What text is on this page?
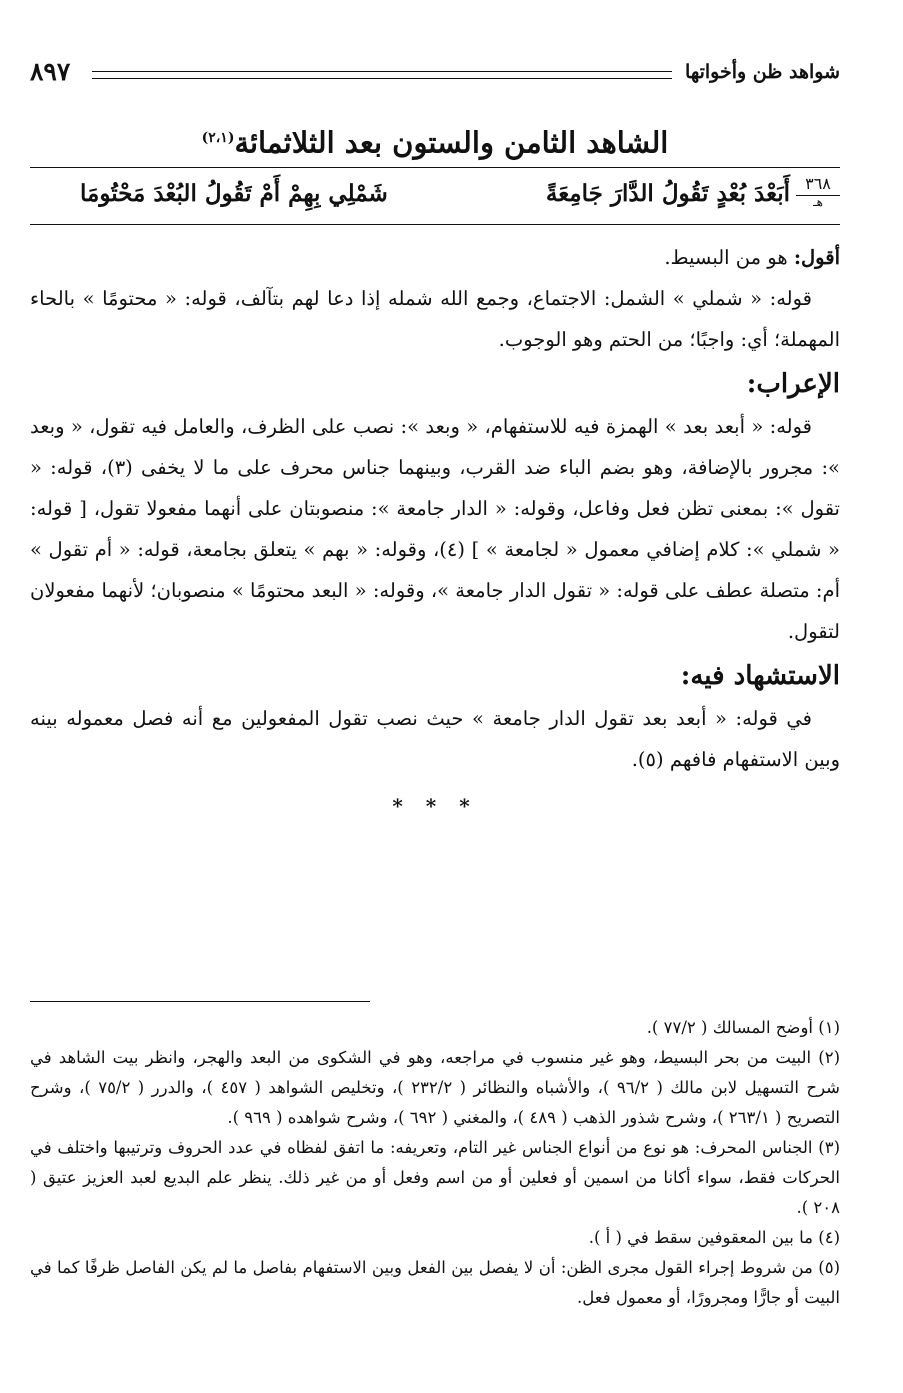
شواهد ظن وأخواتها
٨٩٧
الشاهد الثامن والستون بعد الثلاثمائة$^{(٢،١)}$
٣٦٨
هـ
أَبَعْدَ بُعْدٍ تَقُولُ الدَّارَ جَامِعَةً
شَمْلِي بِهِمْ أَمْ تَقُولُ البُعْدَ مَحْتُومَا

أقول: هو من البسيط.

قوله: « شملي » الشمل: الاجتماع، وجمع الله شمله إذا دعا لهم بتآلف، قوله: « محتومًا » بالحاء المهملة؛ أي: واجبًا؛ من الحتم وهو الوجوب.

الإعراب:

قوله: « أبعد بعد » الهمزة فيه للاستفهام، « وبعد »: نصب على الظرف، والعامل فيه تقول، « وبعد »: مجرور بالإضافة، وهو بضم الباء ضد القرب، وبينهما جناس محرف على ما لا يخفى (٣)، قوله: « تقول »: بمعنى تظن فعل وفاعل، وقوله: « الدار جامعة »: منصوبتان على أنهما مفعولا تقول، [ قوله: « شملي »: كلام إضافي معمول « لجامعة » ] (٤)، وقوله: « بهم » يتعلق بجامعة، قوله: « أم تقول » أم: متصلة عطف على قوله: « تقول الدار جامعة »، وقوله: « البعد محتومًا » منصوبان؛ لأنهما مفعولان لتقول.

الاستشهاد فيه:

في قوله: « أبعد بعد تقول الدار جامعة » حيث نصب تقول المفعولين مع أنه فصل معموله بينه وبين الاستفهام فافهم (٥).

* * *

(١) أوضح المسالك ( ٧٧/٢ ).

(٢) البيت من بحر البسيط، وهو غير منسوب في مراجعه، وهو في الشكوى من البعد والهجر، وانظر بيت الشاهد في شرح التسهيل لابن مالك ( ٩٦/٢ )، والأشباه والنظائر ( ٢٣٢/٢ )، وتخليص الشواهد ( ٤٥٧ )، والدرر ( ٧٥/٢ )، وشرح التصريح ( ٢٦٣/١ )، وشرح شذور الذهب ( ٤٨٩ )، والمغني ( ٦٩٢ )، وشرح شواهده ( ٩٦٩ ).

(٣) الجناس المحرف: هو نوع من أنواع الجناس غير التام، وتعريفه: ما اتفق لفظاه في عدد الحروف وترتيبها واختلف في الحركات فقط، سواء أكانا من اسمين أو فعلين أو من اسم وفعل أو من غير ذلك. ينظر علم البديع لعبد العزيز عتيق ( ٢٠٨ ).

(٤) ما بين المعقوفين سقط في ( أ ).

(٥) من شروط إجراء القول مجرى الظن: أن لا يفصل بين الفعل وبين الاستفهام بفاصل ما لم يكن الفاصل ظرفًا كما في البيت أو جارًّا ومجرورًا، أو معمول فعل.
